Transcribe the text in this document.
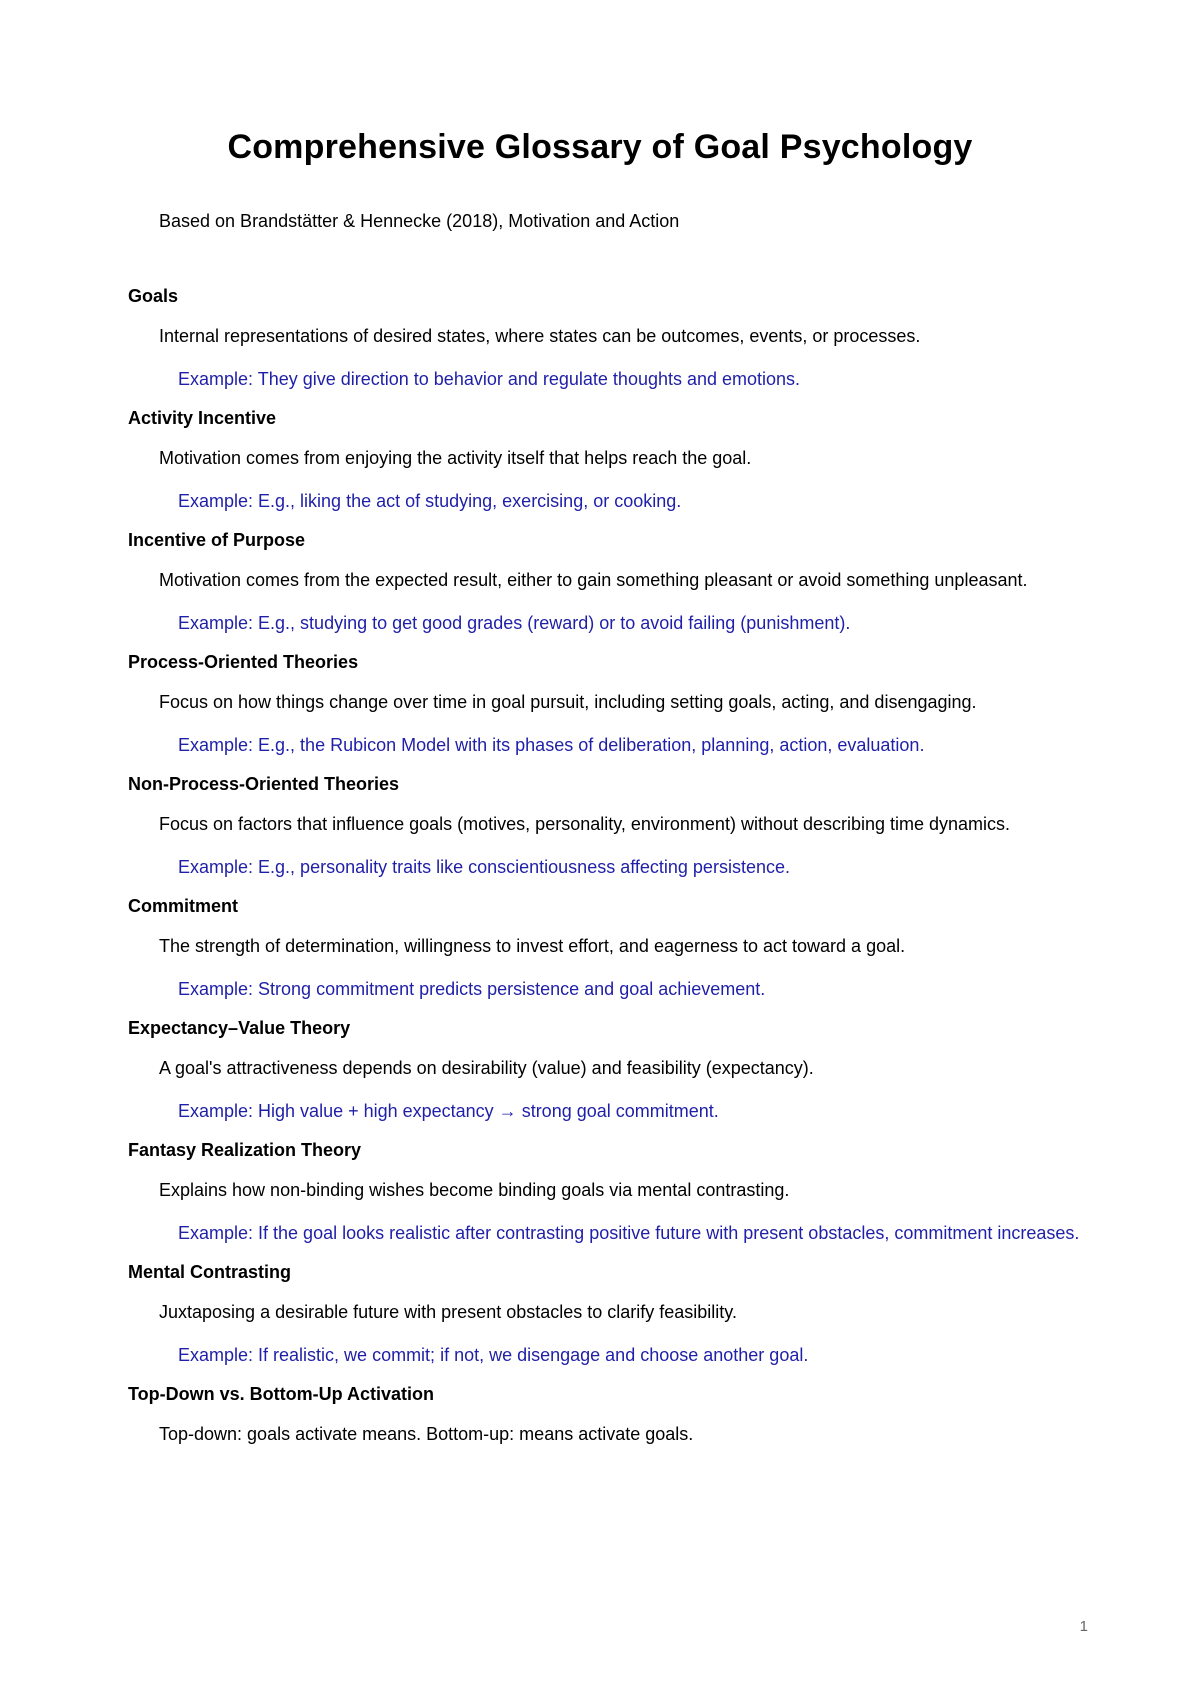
Comprehensive Glossary of Goal Psychology

Based on Brandstätter & Hennecke (2018), Motivation and Action

Goals
Internal representations of desired states, where states can be outcomes, events, or processes.
Example: They give direction to behavior and regulate thoughts and emotions.
Activity Incentive
Motivation comes from enjoying the activity itself that helps reach the goal.
Example: E.g., liking the act of studying, exercising, or cooking.
Incentive of Purpose
Motivation comes from the expected result, either to gain something pleasant or avoid something unpleasant.
Example: E.g., studying to get good grades (reward) or to avoid failing (punishment).
Process-Oriented Theories
Focus on how things change over time in goal pursuit, including setting goals, acting, and disengaging.
Example: E.g., the Rubicon Model with its phases of deliberation, planning, action, evaluation.
Non-Process-Oriented Theories
Focus on factors that influence goals (motives, personality, environment) without describing time dynamics.
Example: E.g., personality traits like conscientiousness affecting persistence.
Commitment
The strength of determination, willingness to invest effort, and eagerness to act toward a goal.
Example: Strong commitment predicts persistence and goal achievement.
Expectancy–Value Theory
A goal's attractiveness depends on desirability (value) and feasibility (expectancy).
Example: High value + high expectancy → strong goal commitment.
Fantasy Realization Theory
Explains how non-binding wishes become binding goals via mental contrasting.
Example: If the goal looks realistic after contrasting positive future with present obstacles, commitment increases.
Mental Contrasting
Juxtaposing a desirable future with present obstacles to clarify feasibility.
Example: If realistic, we commit; if not, we disengage and choose another goal.
Top-Down vs. Bottom-Up Activation
Top-down: goals activate means. Bottom-up: means activate goals.
1
